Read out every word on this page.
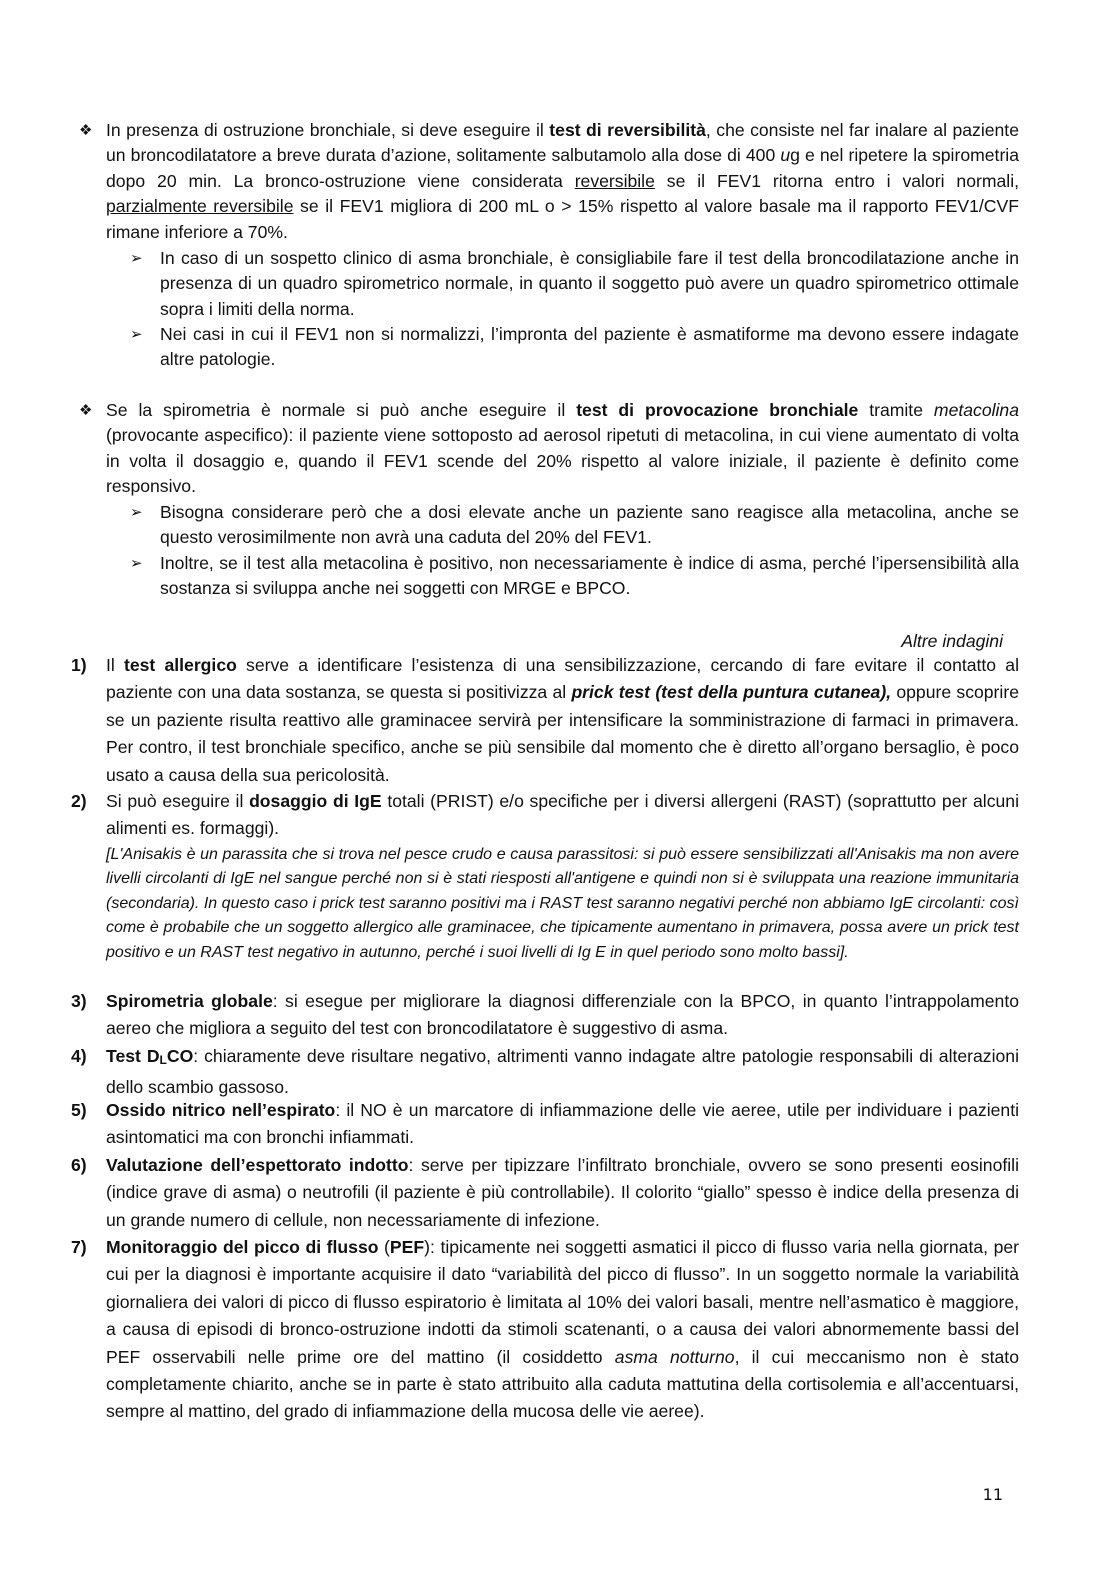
❖ In presenza di ostruzione bronchiale, si deve eseguire il test di reversibilità, che consiste nel far inalare al paziente un broncodilatatore a breve durata d’azione, solitamente salbutamolo alla dose di 400 ug e nel ripetere la spirometria dopo 20 min. La bronco-ostruzione viene considerata reversibile se il FEV1 ritorna entro i valori normali, parzialmente reversibile se il FEV1 migliora di 200 mL o > 15% rispetto al valore basale ma il rapporto FEV1/CVF rimane inferiore a 70%.
➢ In caso di un sospetto clinico di asma bronchiale, è consigliabile fare il test della broncodilatazione anche in presenza di un quadro spirometrico normale, in quanto il soggetto può avere un quadro spirometrico ottimale sopra i limiti della norma.
➢ Nei casi in cui il FEV1 non si normalizzi, l’impronta del paziente è asmatiforme ma devono essere indagate altre patologie.
❖ Se la spirometria è normale si può anche eseguire il test di provocazione bronchiale tramite metacolina (provocante aspecifico): il paziente viene sottoposto ad aerosol ripetuti di metacolina, in cui viene aumentato di volta in volta il dosaggio e, quando il FEV1 scende del 20% rispetto al valore iniziale, il paziente è definito come responsivo.
➢ Bisogna considerare però che a dosi elevate anche un paziente sano reagisce alla metacolina, anche se questo verosimilmente non avrà una caduta del 20% del FEV1.
➢ Inoltre, se il test alla metacolina è positivo, non necessariamente è indice di asma, perché l’ipersensibilità alla sostanza si sviluppa anche nei soggetti con MRGE e BPCO.
Altre indagini
1) Il test allergico serve a identificare l’esistenza di una sensibilizzazione, cercando di fare evitare il contatto al paziente con una data sostanza, se questa si positivizza al prick test (test della puntura cutanea), oppure scoprire se un paziente risulta reattivo alle graminacee servirà per intensificare la somministrazione di farmaci in primavera. Per contro, il test bronchiale specifico, anche se più sensibile dal momento che è diretto all’organo bersaglio, è poco usato a causa della sua pericolosità.
2) Si può eseguire il dosaggio di IgE totali (PRIST) e/o specifiche per i diversi allergeni (RAST) (soprattutto per alcuni alimenti es. formaggi).
[L'Anisakis è un parassita che si trova nel pesce crudo e causa parassitosi: si può essere sensibilizzati all'Anisakis ma non avere livelli circolanti di IgE nel sangue perché non si è stati riesposti all'antigene e quindi non si è sviluppata una reazione immunitaria (secondaria). In questo caso i prick test saranno positivi ma i RAST test saranno negativi perché non abbiamo IgE circolanti: così come è probabile che un soggetto allergico alle graminacee, che tipicamente aumentano in primavera, possa avere un prick test positivo e un RAST test negativo in autunno, perché i suoi livelli di Ig E in quel periodo sono molto bassi].
3) Spirometria globale: si esegue per migliorare la diagnosi differenziale con la BPCO, in quanto l’intrappolamento aereo che migliora a seguito del test con broncodilatatore è suggestivo di asma.
4) Test $D_LCO$: chiaramente deve risultare negativo, altrimenti vanno indagate altre patologie responsabili di alterazioni dello scambio gassoso.
5) Ossido nitrico nell’espirato: il NO è un marcatore di infiammazione delle vie aeree, utile per individuare i pazienti asintomatici ma con bronchi infiammati.
6) Valutazione dell’espettorato indotto: serve per tipizzare l’infiltrato bronchiale, ovvero se sono presenti eosinofili (indice grave di asma) o neutrofili (il paziente è più controllabile). Il colorito “giallo” spesso è indice della presenza di un grande numero di cellule, non necessariamente di infezione.
7) Monitoraggio del picco di flusso (PEF): tipicamente nei soggetti asmatici il picco di flusso varia nella giornata, per cui per la diagnosi è importante acquisire il dato “variabilità del picco di flusso”. In un soggetto normale la variabilità giornaliera dei valori di picco di flusso espiratorio è limitata al 10% dei valori basali, mentre nell’asmatico è maggiore, a causa di episodi di bronco-ostruzione indotti da stimoli scatenanti, o a causa dei valori abnormemente bassi del PEF osservabili nelle prime ore del mattino (il cosiddetto asma notturno, il cui meccanismo non è stato completamente chiarito, anche se in parte è stato attribuito alla caduta mattutina della cortisolemia e all’accentuarsi, sempre al mattino, del grado di infiammazione della mucosa delle vie aeree).
11
